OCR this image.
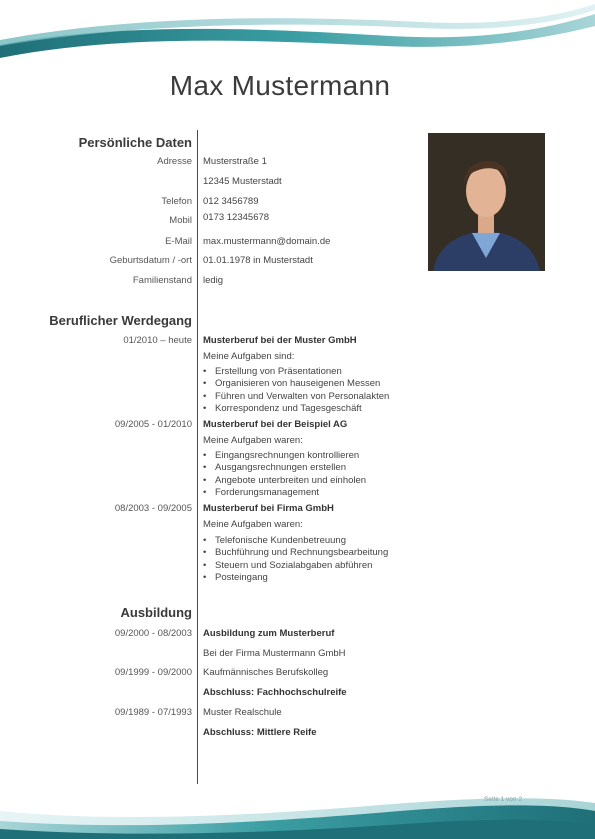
Max Mustermann
Persönliche Daten
Adresse Musterstraße 1
12345 Musterstadt
Telefon 012 3456789
Mobil 0173 12345678
E-Mail max.mustermann@domain.de
Geburtsdatum / -ort 01.01.1978 in Musterstadt
Familienstand ledig
Beruflicher Werdegang
01/2010 – heute Musterberuf bei der Muster GmbH
Meine Aufgaben sind:
• Erstellung von Präsentationen
• Organisieren von hauseigenen Messen
• Führen und Verwalten von Personalakten
• Korrespondenz und Tagesgeschäft
09/2005 - 01/2010 Musterberuf bei der Beispiel AG
Meine Aufgaben waren:
• Eingangsrechnungen kontrollieren
• Ausgangsrechnungen erstellen
• Angebote unterbreiten und einholen
• Forderungsmanagement
08/2003 - 09/2005 Musterberuf bei Firma GmbH
Meine Aufgaben waren:
• Telefonische Kundenbetreuung
• Buchführung und Rechnungsbearbeitung
• Steuern und Sozialabgaben abführen
• Posteingang
Ausbildung
09/2000 - 08/2003 Ausbildung zum Musterberuf
Bei der Firma Mustermann GmbH
09/1999 - 09/2000 Kaufmännisches Berufskolleg
Abschluss: Fachhochschulreife
09/1989 - 07/1993 Muster Realschule
Abschluss: Mittlere Reife
